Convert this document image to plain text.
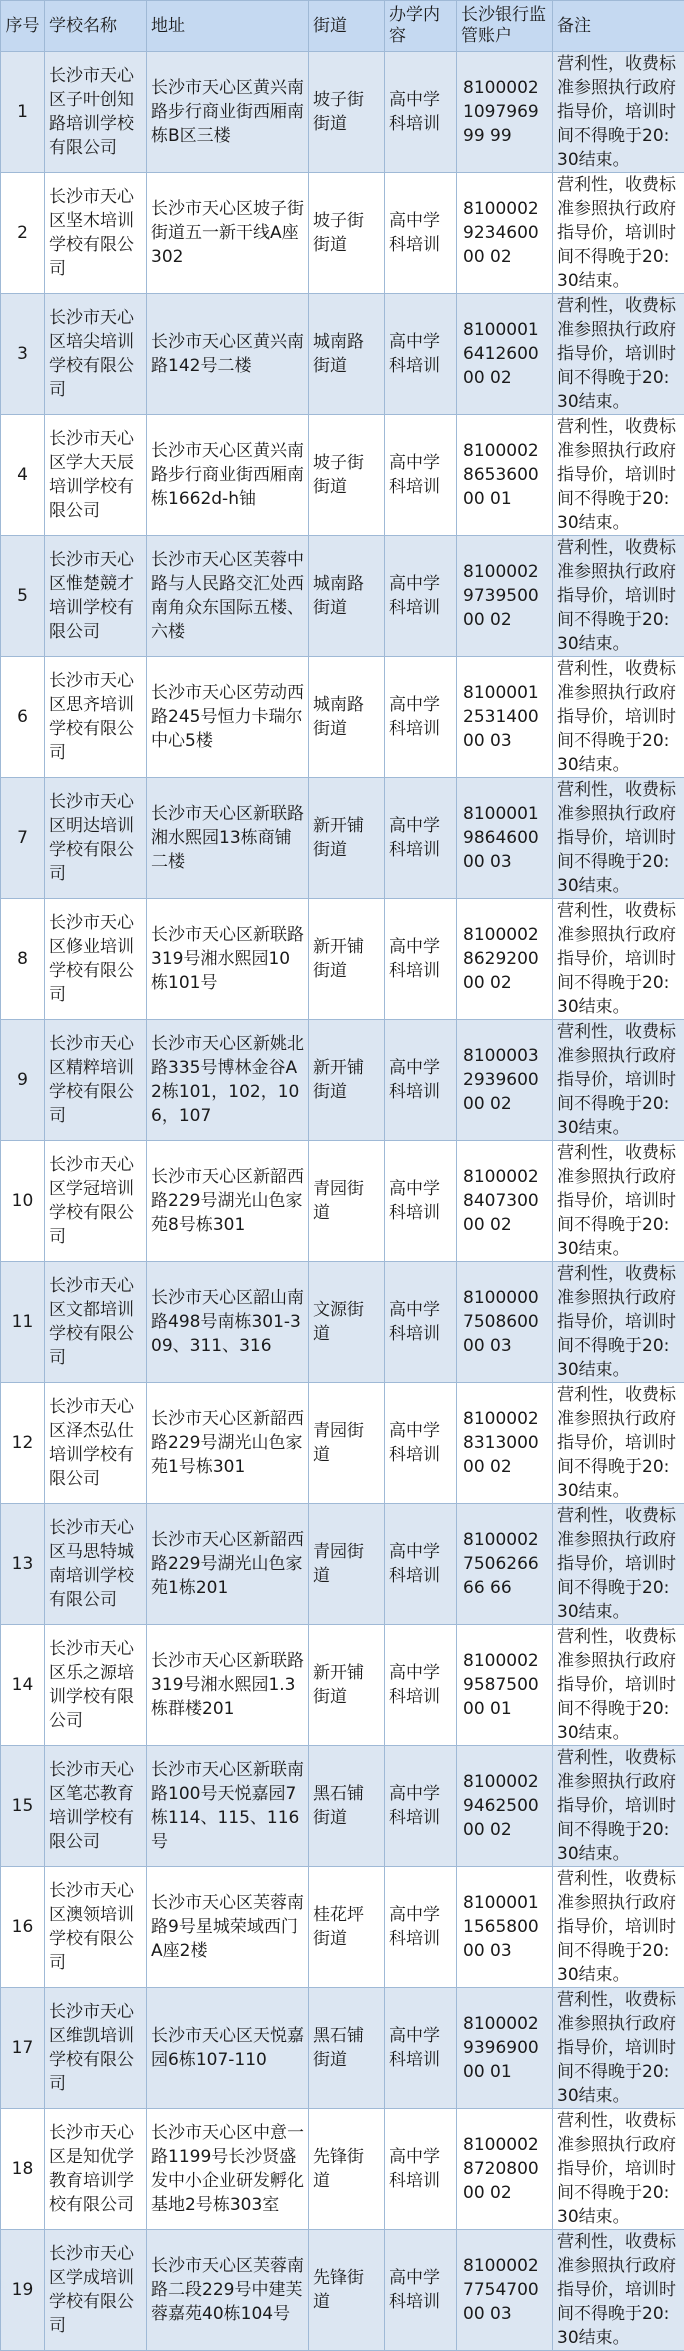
序号	学校名称	地址	街道	办学内容	长沙银行监管账户	备注
1	长沙市天心区子叶创知路培训学校有限公司	长沙市天心区黄兴南路步行商业街西厢南栋B区三楼	坡子街街道	高中学科培训	8100002109796999 99	营利性，收费标准参照执行政府指导价，培训时间不得晚于20:30结束。
2	长沙市天心区坚木培训学校有限公司	长沙市天心区坡子街街道五一新干线A座302	坡子街街道	高中学科培训	8100002923460000 02	营利性，收费标准参照执行政府指导价，培训时间不得晚于20:30结束。
3	长沙市天心区培尖培训学校有限公司	长沙市天心区黄兴南路142号二楼	城南路街道	高中学科培训	8100001641260000 02	营利性，收费标准参照执行政府指导价，培训时间不得晚于20:30结束。
4	长沙市天心区学大天辰培训学校有限公司	长沙市天心区黄兴南路步行商业街西厢南栋1662d-h铀	坡子街街道	高中学科培训	8100002865360000 01	营利性，收费标准参照执行政府指导价，培训时间不得晚于20:30结束。
5	长沙市天心区惟楚競才培训学校有限公司	长沙市天心区芙蓉中路与人民路交汇处西南角众东国际五楼、六楼	城南路街道	高中学科培训	8100002973950000 02	营利性，收费标准参照执行政府指导价，培训时间不得晚于20:30结束。
6	长沙市天心区思齐培训学校有限公司	长沙市天心区劳动西路245号恒力卡瑞尔中心5楼	城南路街道	高中学科培训	8100001253140000 03	营利性，收费标准参照执行政府指导价，培训时间不得晚于20:30结束。
7	长沙市天心区明达培训学校有限公司	长沙市天心区新联路湘水熙园13栋商铺二楼	新开铺街道	高中学科培训	8100001986460000 03	营利性，收费标准参照执行政府指导价，培训时间不得晚于20:30结束。
8	长沙市天心区修业培训学校有限公司	长沙市天心区新联路319号湘水熙园10栋101号	新开铺街道	高中学科培训	8100002862920000 02	营利性，收费标准参照执行政府指导价，培训时间不得晚于20:30结束。
9	长沙市天心区精粹培训学校有限公司	长沙市天心区新姚北路335号博林金谷A2栋101，102，106，107	新开铺街道	高中学科培训	8100003293960000 02	营利性，收费标准参照执行政府指导价，培训时间不得晚于20:30结束。
10	长沙市天心区学冠培训学校有限公司	长沙市天心区新韶西路229号湖光山色家苑8号栋301	青园街道	高中学科培训	8100002840730000 02	营利性，收费标准参照执行政府指导价，培训时间不得晚于20:30结束。
11	长沙市天心区文都培训学校有限公司	长沙市天心区韶山南路498号南栋301-309、311、316	文源街道	高中学科培训	8100000750860000 03	营利性，收费标准参照执行政府指导价，培训时间不得晚于20:30结束。
12	长沙市天心区泽杰弘仕培训学校有限公司	长沙市天心区新韶西路229号湖光山色家苑1号栋301	青园街道	高中学科培训	8100002831300000 02	营利性，收费标准参照执行政府指导价，培训时间不得晚于20:30结束。
13	长沙市天心区马思特城南培训学校有限公司	长沙市天心区新韶西路229号湖光山色家苑1栋201	青园街道	高中学科培训	8100002750626666 66	营利性，收费标准参照执行政府指导价，培训时间不得晚于20:30结束。
14	长沙市天心区乐之源培训学校有限公司	长沙市天心区新联路319号湘水熙园1.3栋群楼201	新开铺街道	高中学科培训	8100002958750000 01	营利性，收费标准参照执行政府指导价，培训时间不得晚于20:30结束。
15	长沙市天心区笔芯教育培训学校有限公司	长沙市天心区新联南路100号天悦嘉园7栋114、115、116号	黑石铺街道	高中学科培训	8100002946250000 02	营利性，收费标准参照执行政府指导价，培训时间不得晚于20:30结束。
16	长沙市天心区澳领培训学校有限公司	长沙市天心区芙蓉南路9号星城荣域西门A座2楼	桂花坪街道	高中学科培训	8100001156580000 03	营利性，收费标准参照执行政府指导价，培训时间不得晚于20:30结束。
17	长沙市天心区维凯培训学校有限公司	长沙市天心区天悦嘉园6栋107-110	黑石铺街道	高中学科培训	8100002939690000 01	营利性，收费标准参照执行政府指导价，培训时间不得晚于20:30结束。
18	长沙市天心区是知优学教育培训学校有限公司	长沙市天心区中意一路1199号长沙贤盛发中小企业研发孵化基地2号栋303室	先锋街道	高中学科培训	8100002872080000 02	营利性，收费标准参照执行政府指导价，培训时间不得晚于20:30结束。
19	长沙市天心区学成培训学校有限公司	长沙市天心区芙蓉南路二段229号中建芙蓉嘉苑40栋104号	先锋街道	高中学科培训	8100002775470000 03	营利性，收费标准参照执行政府指导价，培训时间不得晚于20:30结束。
